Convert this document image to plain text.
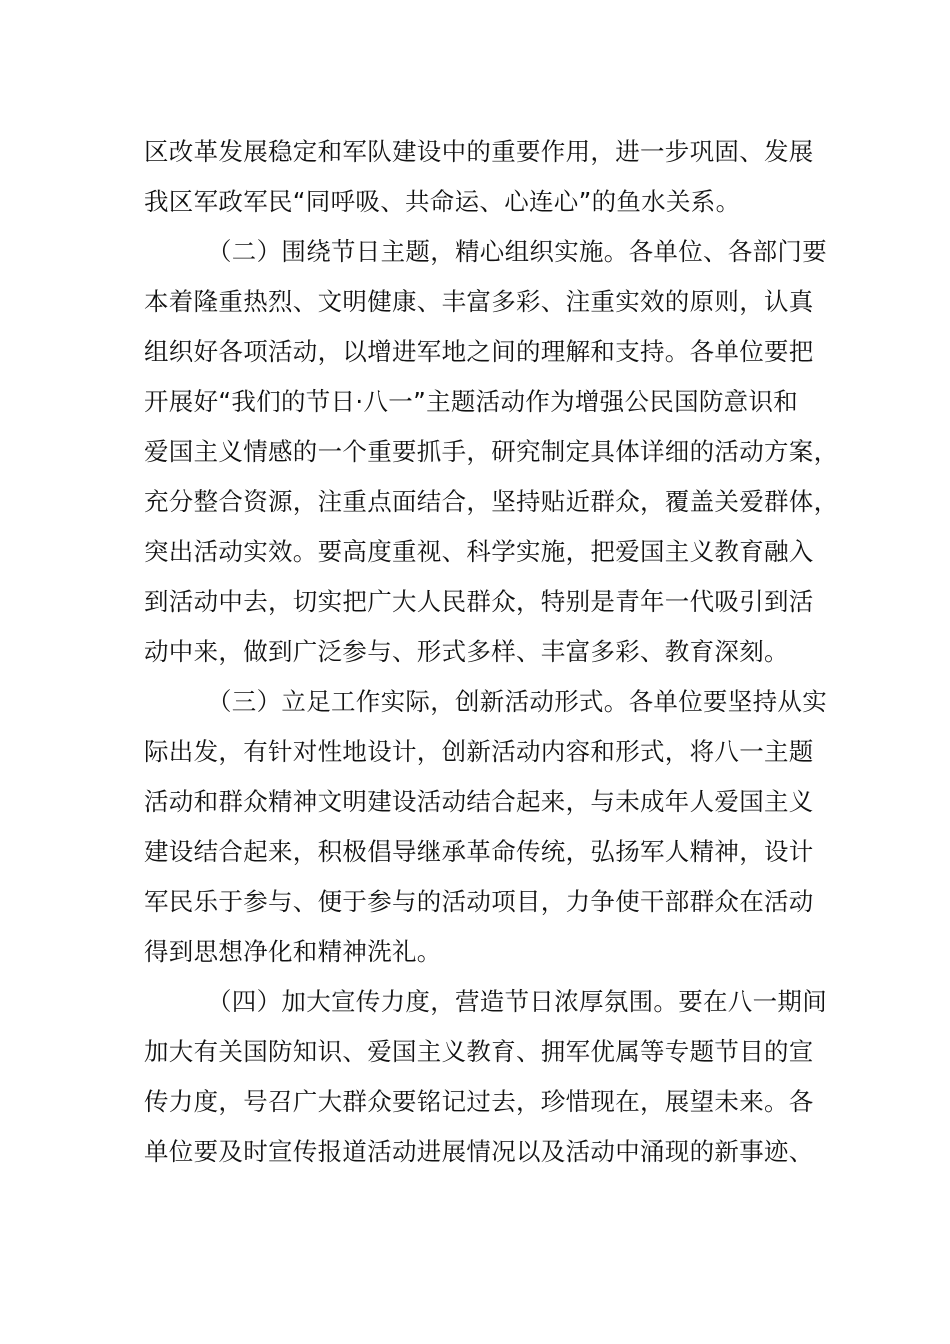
区改革发展稳定和军队建设中的重要作用，进一步巩固、发展
我区军政军民“同呼吸、共命运、心连心”的鱼水关系。
（二）围绕节日主题，精心组织实施。各单位、各部门要
本着隆重热烈、文明健康、丰富多彩、注重实效的原则，认真
组织好各项活动，以增进军地之间的理解和支持。各单位要把
开展好“我们的节日·八一”主题活动作为增强公民国防意识和
爱国主义情感的一个重要抓手，研究制定具体详细的活动方案，
充分整合资源，注重点面结合，坚持贴近群众，覆盖关爱群体，
突出活动实效。要高度重视、科学实施，把爱国主义教育融入
到活动中去，切实把广大人民群众，特别是青年一代吸引到活
动中来，做到广泛参与、形式多样、丰富多彩、教育深刻。
（三）立足工作实际，创新活动形式。各单位要坚持从实
际出发，有针对性地设计，创新活动内容和形式，将八一主题
活动和群众精神文明建设活动结合起来，与未成年人爱国主义
建设结合起来，积极倡导继承革命传统，弘扬军人精神，设计
军民乐于参与、便于参与的活动项目，力争使干部群众在活动
得到思想净化和精神洗礼。
（四）加大宣传力度，营造节日浓厚氛围。要在八一期间
加大有关国防知识、爱国主义教育、拥军优属等专题节目的宣
传力度，号召广大群众要铭记过去，珍惜现在，展望未来。各
单位要及时宣传报道活动进展情况以及活动中涌现的新事迹、
